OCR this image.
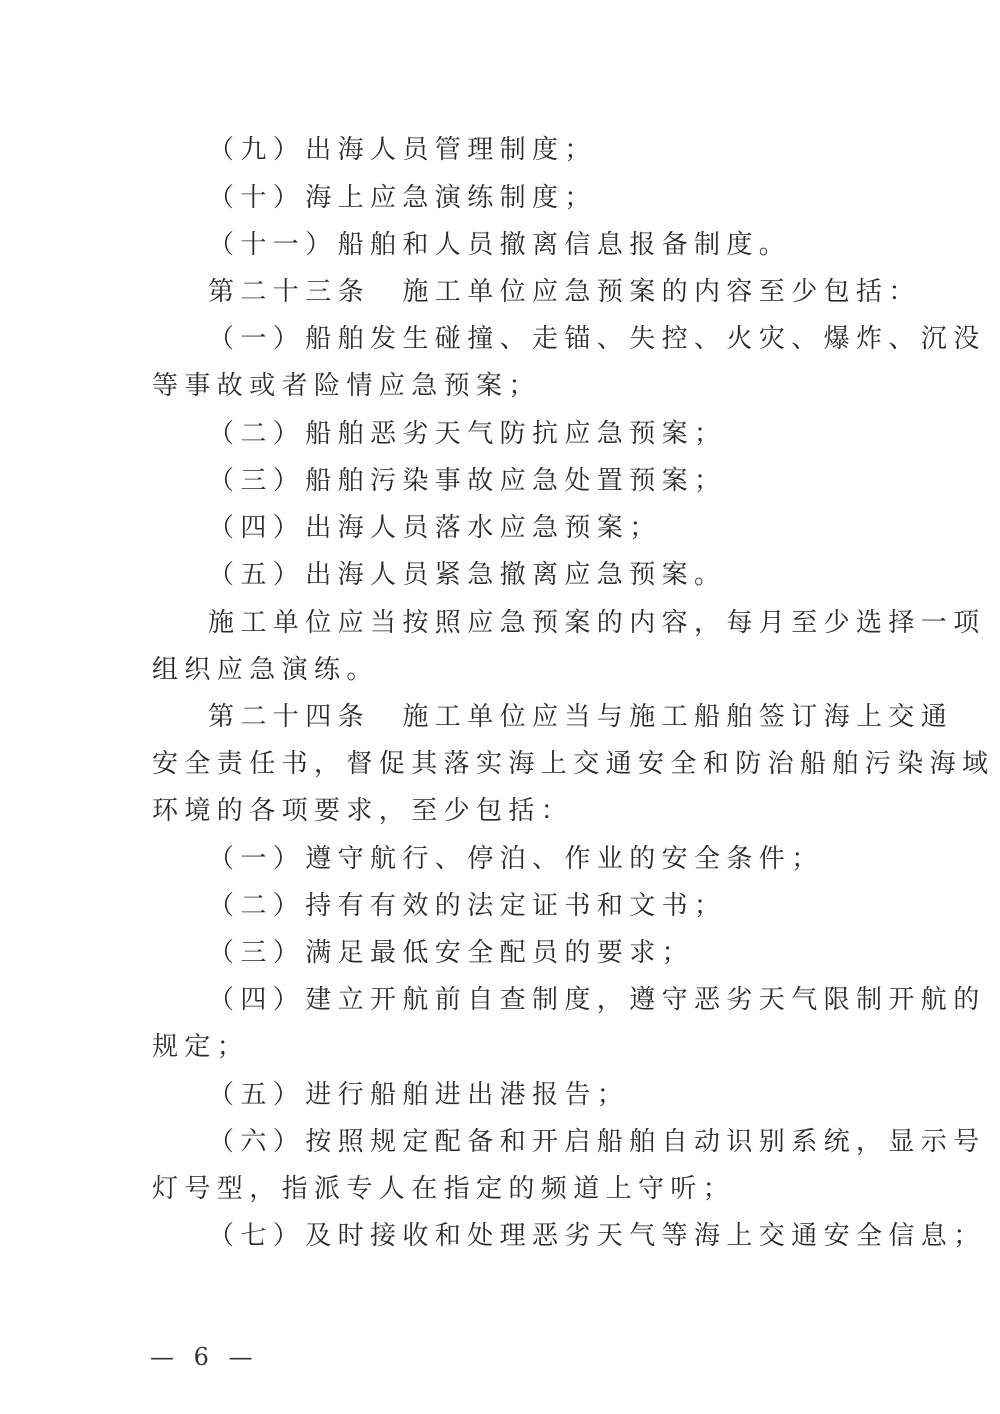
（九）出海人员管理制度；

（十）海上应急演练制度；

（十一）船舶和人员撤离信息报备制度。

第二十三条　施工单位应急预案的内容至少包括：

（一）船舶发生碰撞、走锚、失控、火灾、爆炸、沉没

等事故或者险情应急预案；

（二）船舶恶劣天气防抗应急预案；

（三）船舶污染事故应急处置预案；

（四）出海人员落水应急预案；

（五）出海人员紧急撤离应急预案。

施工单位应当按照应急预案的内容，每月至少选择一项

组织应急演练。

第二十四条　施工单位应当与施工船舶签订海上交通

安全责任书，督促其落实海上交通安全和防治船舶污染海域

环境的各项要求，至少包括：

（一）遵守航行、停泊、作业的安全条件；

（二）持有有效的法定证书和文书；

（三）满足最低安全配员的要求；

（四）建立开航前自查制度，遵守恶劣天气限制开航的

规定；

（五）进行船舶进出港报告；

（六）按照规定配备和开启船舶自动识别系统，显示号

灯号型，指派专人在指定的频道上守听；

（七）及时接收和处理恶劣天气等海上交通安全信息；

— 6 —
